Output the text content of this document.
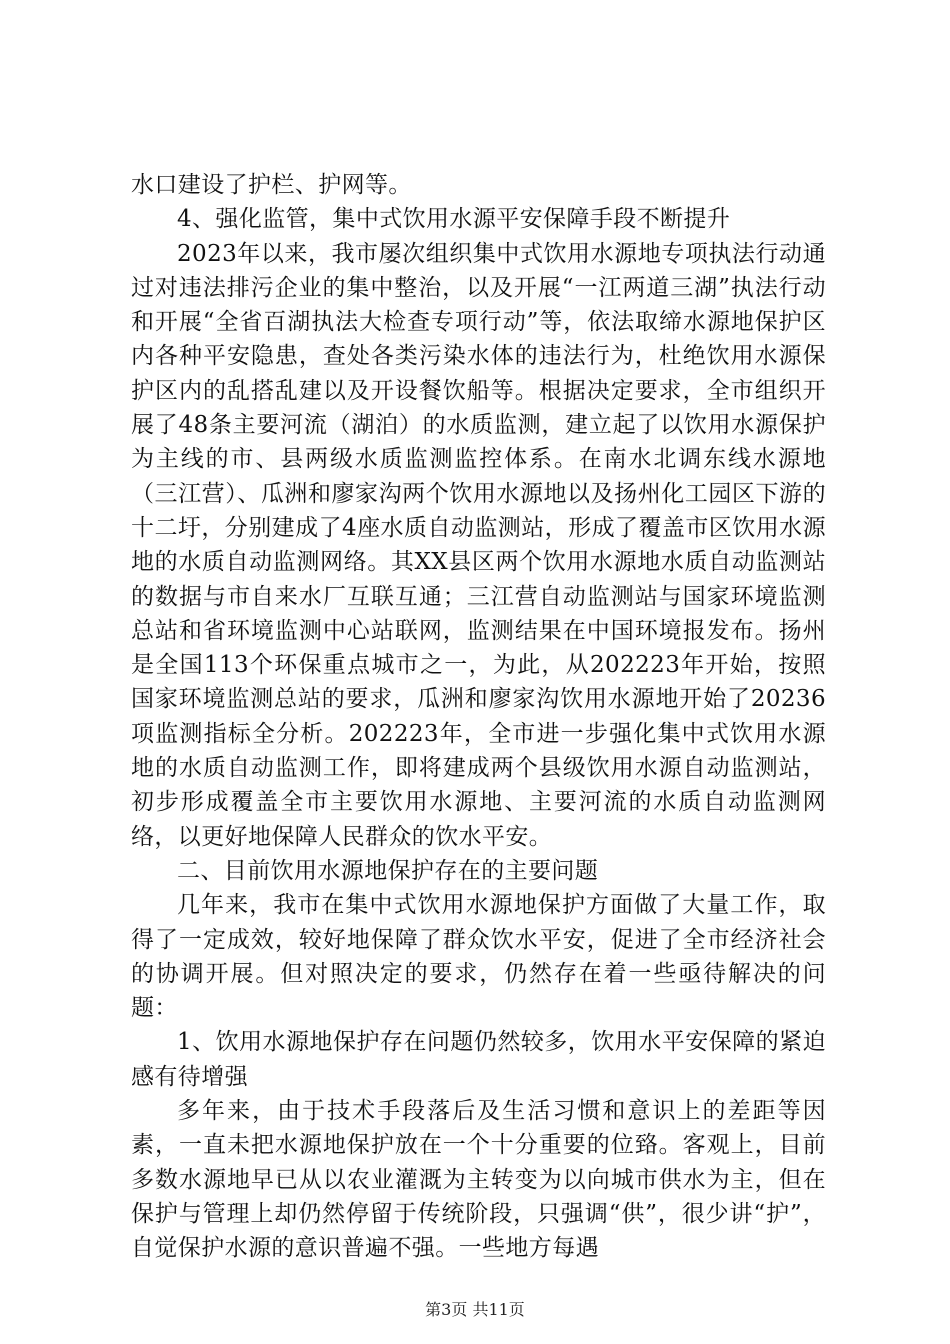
水口建设了护栏、护网等。

4、强化监管，集中式饮用水源平安保障手段不断提升

2023年以来，我市屡次组织集中式饮用水源地专项执法行动通过对违法排污企业的集中整治，以及开展“一江两道三湖”执法行动和开展“全省百湖执法大检查专项行动”等，依法取缔水源地保护区内各种平安隐患，查处各类污染水体的违法行为，杜绝饮用水源保护区内的乱搭乱建以及开设餐饮船等。根据决定要求，全市组织开展了48条主要河流（湖泊）的水质监测，建立起了以饮用水源保护为主线的市、县两级水质监测监控体系。在南水北调东线水源地（三江营）、瓜洲和廖家沟两个饮用水源地以及扬州化工园区下游的十二圩，分别建成了4座水质自动监测站，形成了覆盖市区饮用水源地的水质自动监测网络。其XX县区两个饮用水源地水质自动监测站的数据与市自来水厂互联互通；三江营自动监测站与国家环境监测总站和省环境监测中心站联网，监测结果在中国环境报发布。扬州是全国113个环保重点城市之一，为此，从202223年开始，按照国家环境监测总站的要求，瓜洲和廖家沟饮用水源地开始了20236项监测指标全分析。202223年，全市进一步强化集中式饮用水源地的水质自动监测工作，即将建成两个县级饮用水源自动监测站，初步形成覆盖全市主要饮用水源地、主要河流的水质自动监测网络，以更好地保障人民群众的饮水平安。

二、目前饮用水源地保护存在的主要问题

几年来，我市在集中式饮用水源地保护方面做了大量工作，取得了一定成效，较好地保障了群众饮水平安，促进了全市经济社会的协调开展。但对照决定的要求，仍然存在着一些亟待解决的问题：

1、饮用水源地保护存在问题仍然较多，饮用水平安保障的紧迫感有待增强

多年来，由于技术手段落后及生活习惯和意识上的差距等因素，一直未把水源地保护放在一个十分重要的位臵。客观上，目前多数水源地早已从以农业灌溉为主转变为以向城市供水为主，但在保护与管理上却仍然停留于传统阶段，只强调“供”，很少讲“护”，自觉保护水源的意识普遍不强。一些地方每遇

第3页 共11页
